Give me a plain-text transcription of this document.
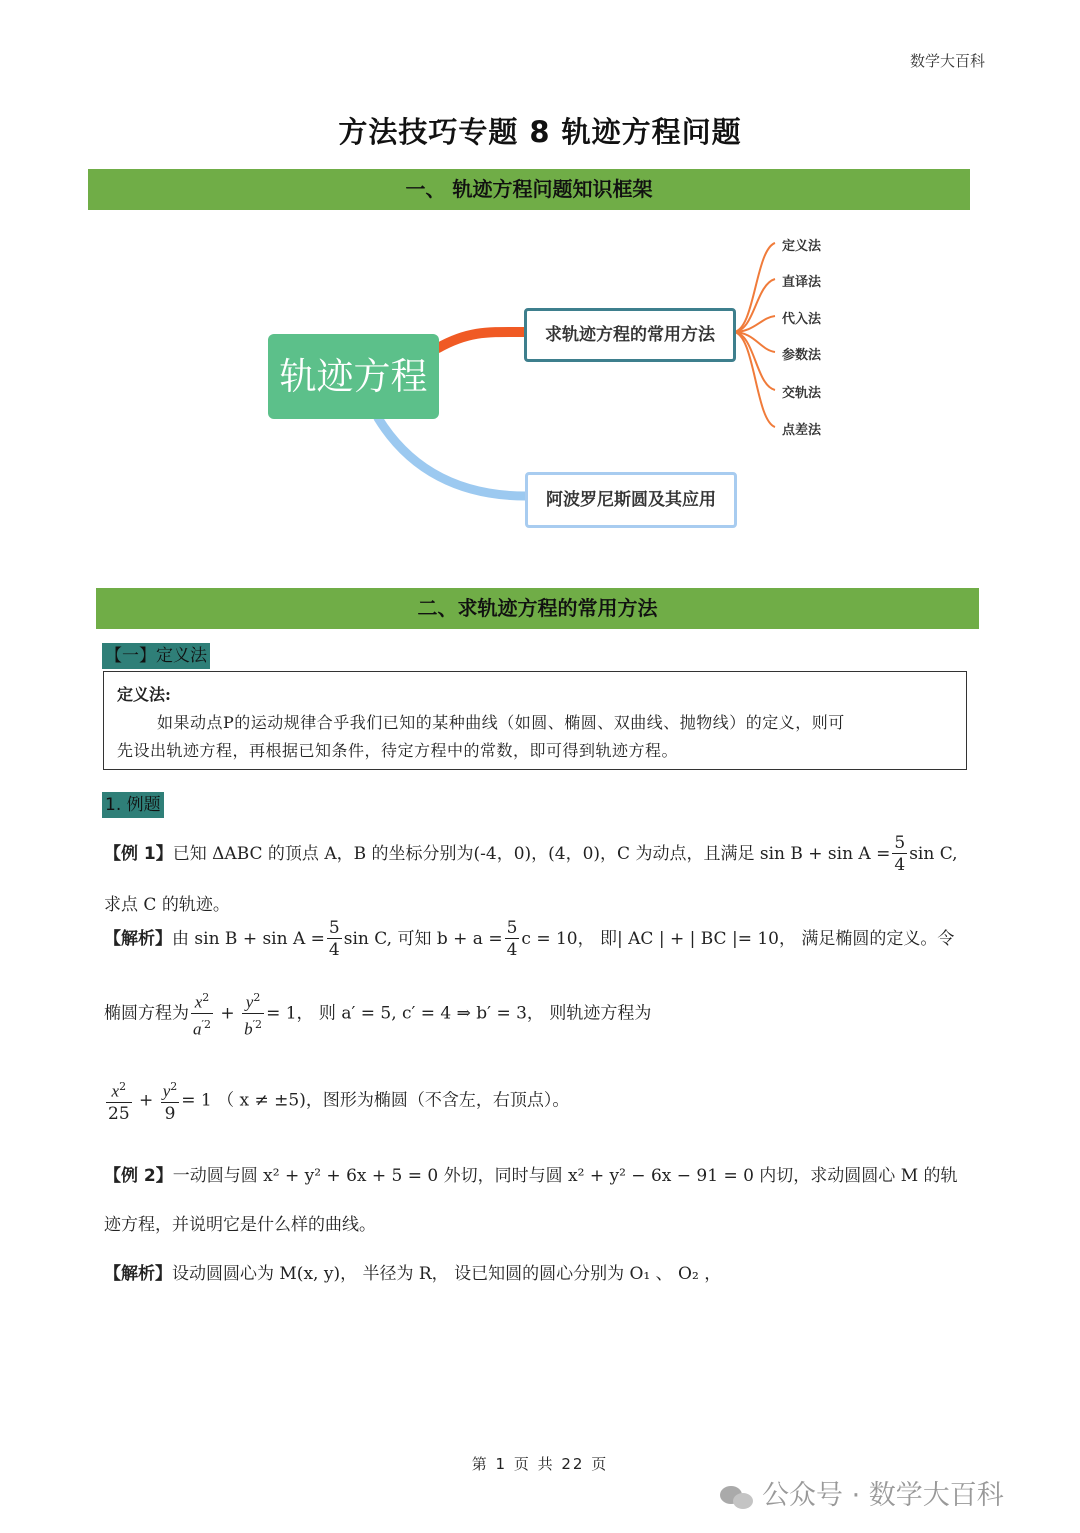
数学大百科
方法技巧专题 8 轨迹方程问题
一、 轨迹方程问题知识框架
轨迹方程
求轨迹方程的常用方法
阿波罗尼斯圆及其应用
定义法
直译法
代入法
参数法
交轨法
点差法
二、求轨迹方程的常用方法
【一】定义法
定义法:
如果动点P的运动规律合乎我们已知的某种曲线（如圆、椭圆、双曲线、抛物线）的定义，则可
先设出轨迹方程，再根据已知条件，待定方程中的常数，即可得到轨迹方程。
1. 例题
【例 1】已知 ΔABC 的顶点 A，B 的坐标分别为(-4，0)，(4，0)，C 为动点，且满足 $\sin B + \sin A = \frac{5}{4}$ sin C,
求点 C 的轨迹。
【解析】由 $\sin B + \sin A = \frac{5}{4}$ sin C, 可知 $b + a = \frac{5}{4}$ c = 10， 即| AC | + | BC |= 10， 满足椭圆的定义。令
椭圆方程为 $\frac{x^2}{a^{'2}} + \frac{y^2}{b^{'2}} = 1$， 则 a′ = 5, c′ = 4 ⇒ b′ = 3， 则轨迹方程为
$\frac{x^2}{25} + \frac{y^2}{9} = 1$ （ x ≠ ±5)，图形为椭圆（不含左，右顶点）。
【例 2】一动圆与圆 x² + y² + 6x + 5 = 0 外切，同时与圆 x² + y² − 6x − 91 = 0 内切，求动圆圆心 M 的轨
迹方程，并说明它是什么样的曲线。
【解析】设动圆圆心为 M(x, y)， 半径为 R， 设已知圆的圆心分别为 O₁ 、 O₂ ，
第 1 页 共 22 页
公众号 · 数学大百科
